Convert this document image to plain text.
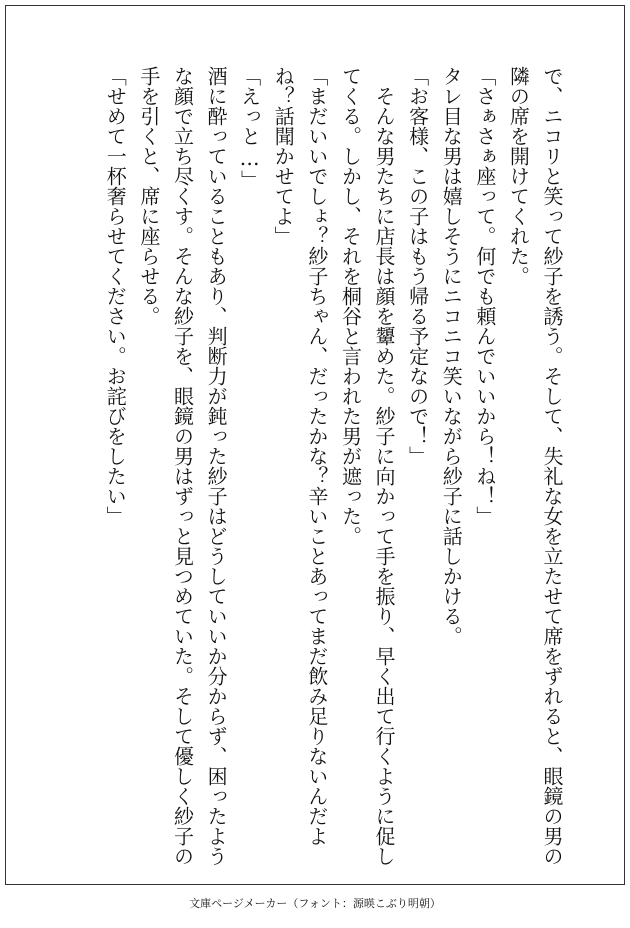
で、ニコリと笑って紗子を誘う。そして、失礼な女を立たせて席をずれると、眼鏡の男の隣の席を開けてくれた。

「さぁさぁ座って。何でも頼んでいいから！ね！」

タレ目な男は嬉しそうにニコニコ笑いながら紗子に話しかける。

「お客様、この子はもう帰る予定なので！」

　そんな男たちに店長は顔を顰めた。紗子に向かって手を振り、早く出て行くように促してくる。しかし、それを桐谷と言われた男が遮った。

「まだいいでしょ？紗子ちゃん、だったかな？辛いことあってまだ飲み足りないんだよね？話聞かせてよ」

「えっと…」

酒に酔っていることもあり、判断力が鈍った紗子はどうしていいか分からず、困ったような顔で立ち尽くす。そんな紗子を、眼鏡の男はずっと見つめていた。そして優しく紗子の手を引くと、席に座らせる。

「せめて一杯奢らせてください。お詫びをしたい」

文庫ページメーカー（フォント：源暎こぶり明朝）
